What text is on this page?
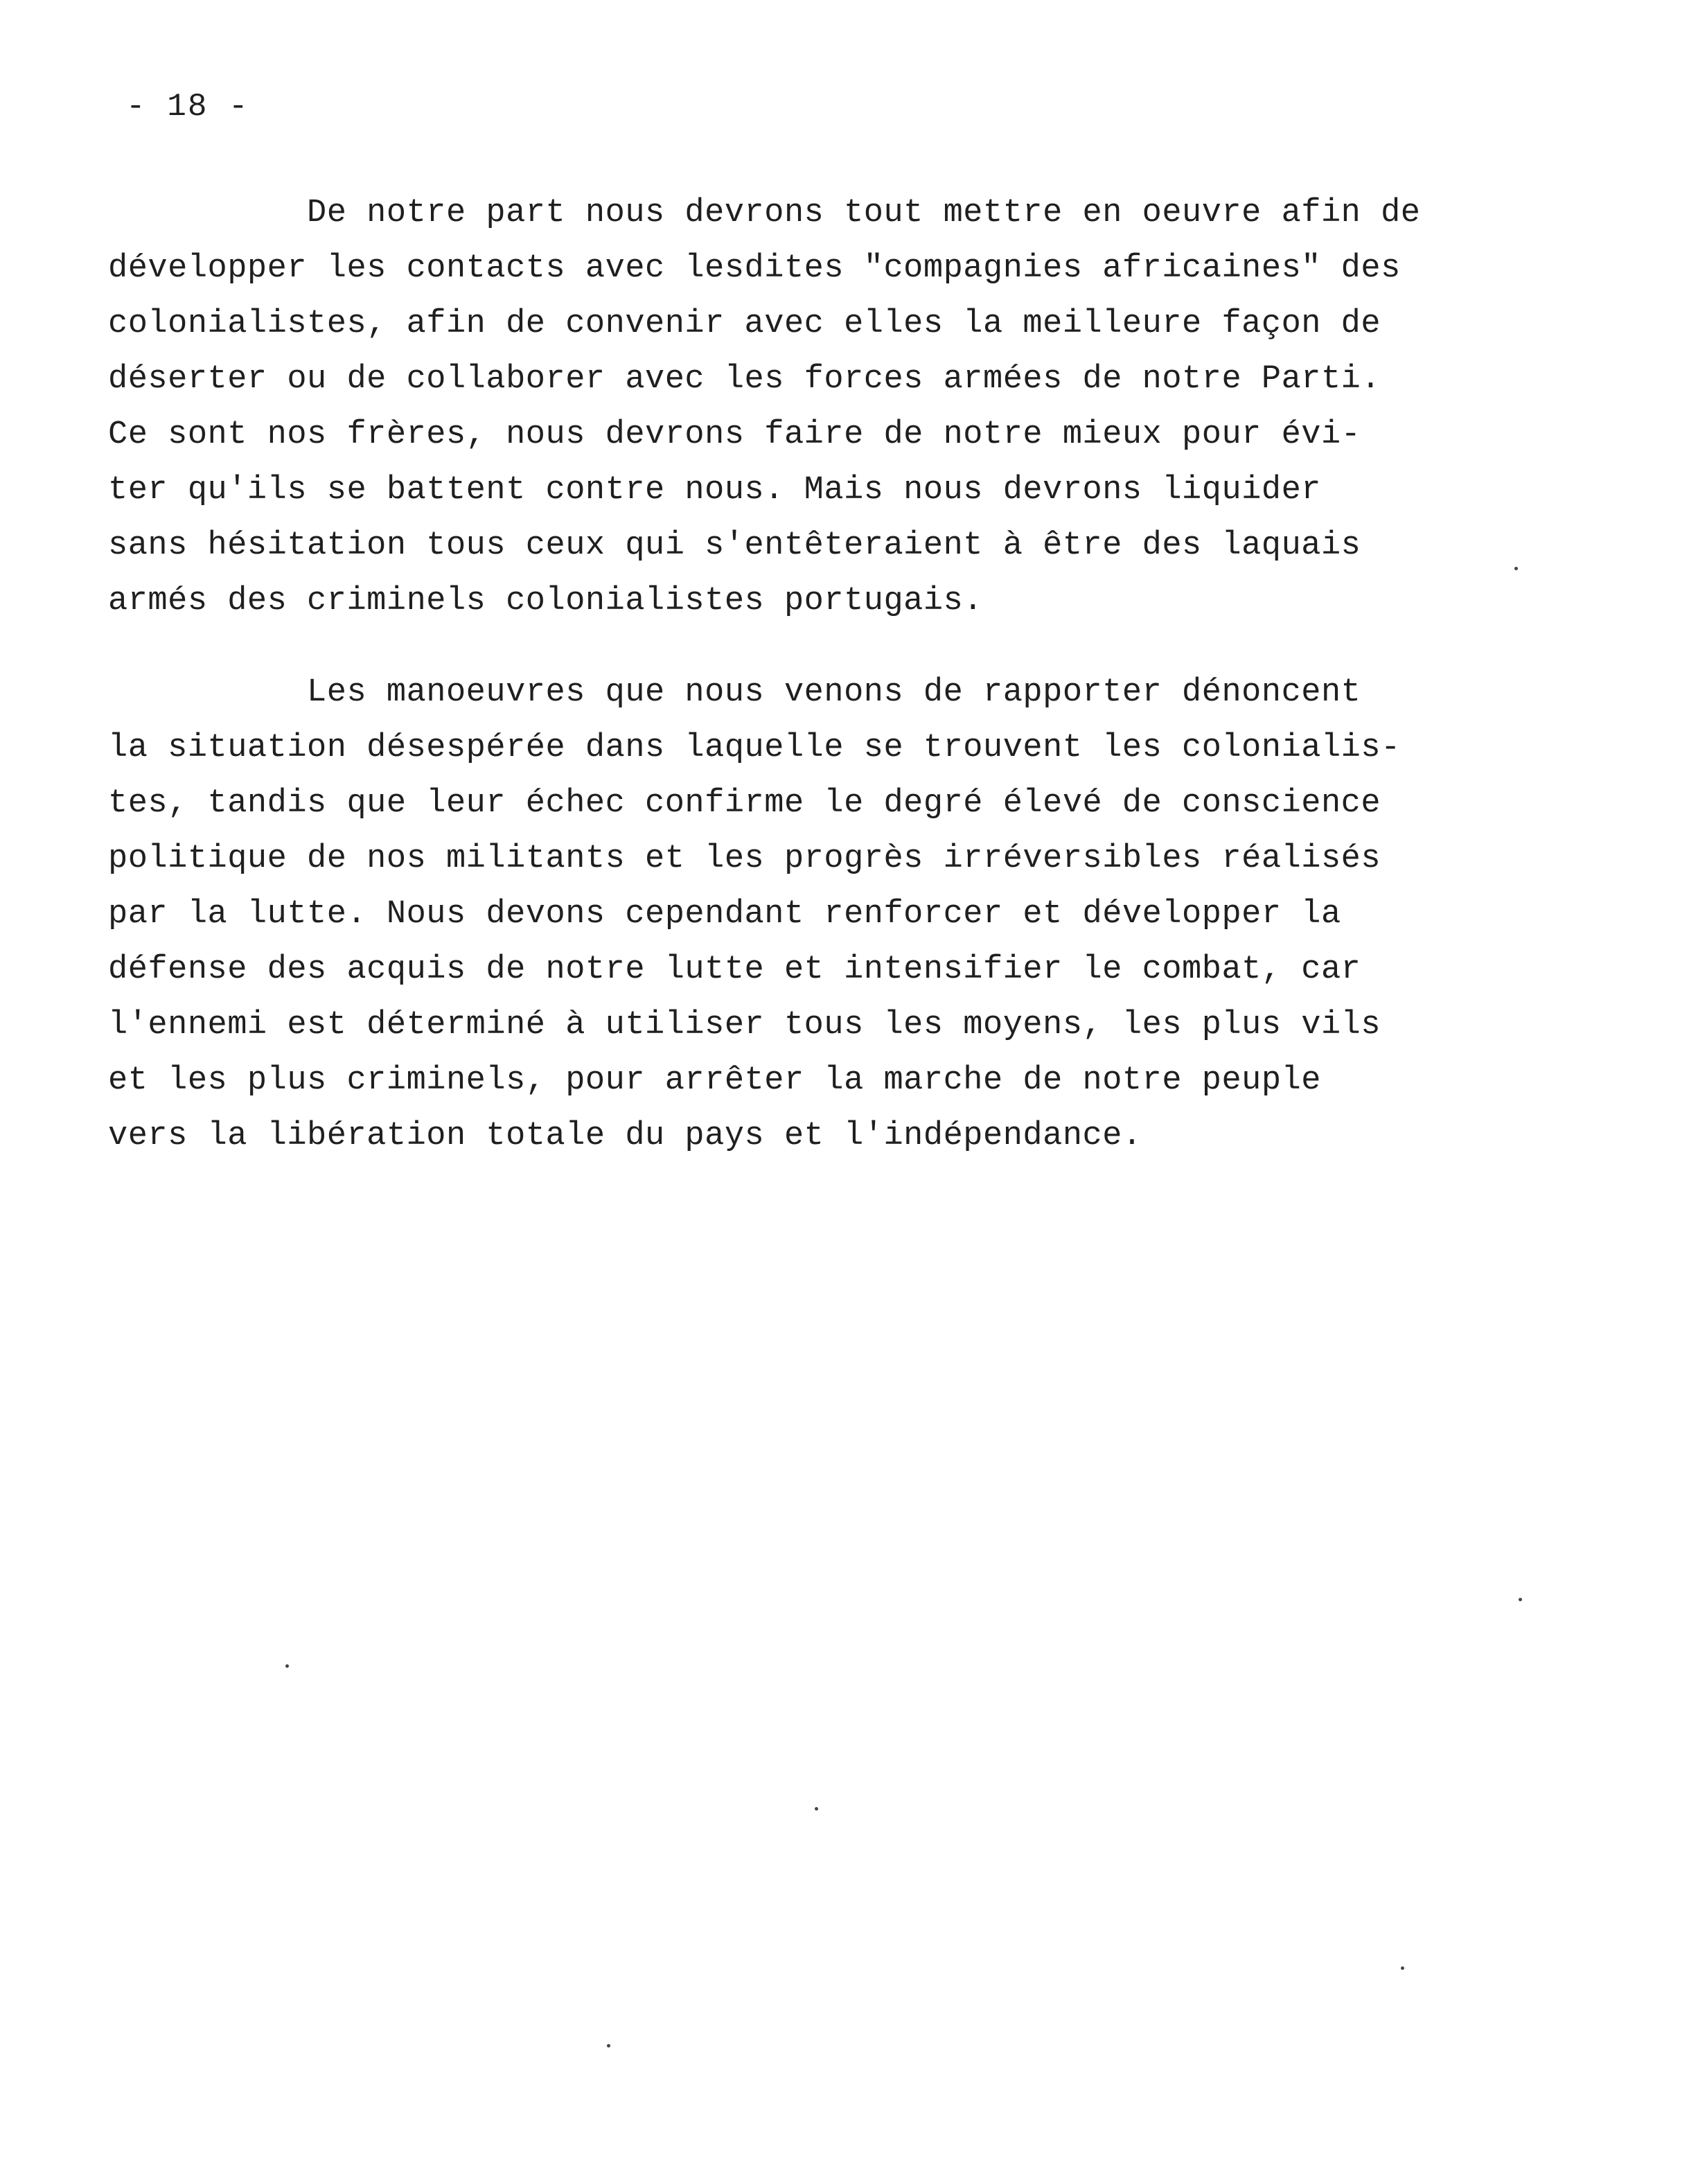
- 18 -
De notre part nous devrons tout mettre en oeuvre afin de
développer les contacts avec lesdites "compagnies africaines" des
colonialistes, afin de convenir avec elles la meilleure façon de
déserter ou de collaborer avec les forces armées de notre Parti.
Ce sont nos frères, nous devrons faire de notre mieux pour évi-
ter qu'ils se battent contre nous. Mais nous devrons liquider
sans hésitation tous ceux qui s'entêteraient à être des laquais
armés des criminels colonialistes portugais.
Les manoeuvres que nous venons de rapporter dénoncent
la situation désespérée dans laquelle se trouvent les colonialis-
tes, tandis que leur échec confirme le degré élevé de conscience
politique de nos militants et les progrès irréversibles réalisés
par la lutte. Nous devons cependant renforcer et développer la
défense des acquis de notre lutte et intensifier le combat, car
l'ennemi est déterminé à utiliser tous les moyens, les plus vils
et les plus criminels, pour arrêter la marche de notre peuple
vers la libération totale du pays et l'indépendance.
